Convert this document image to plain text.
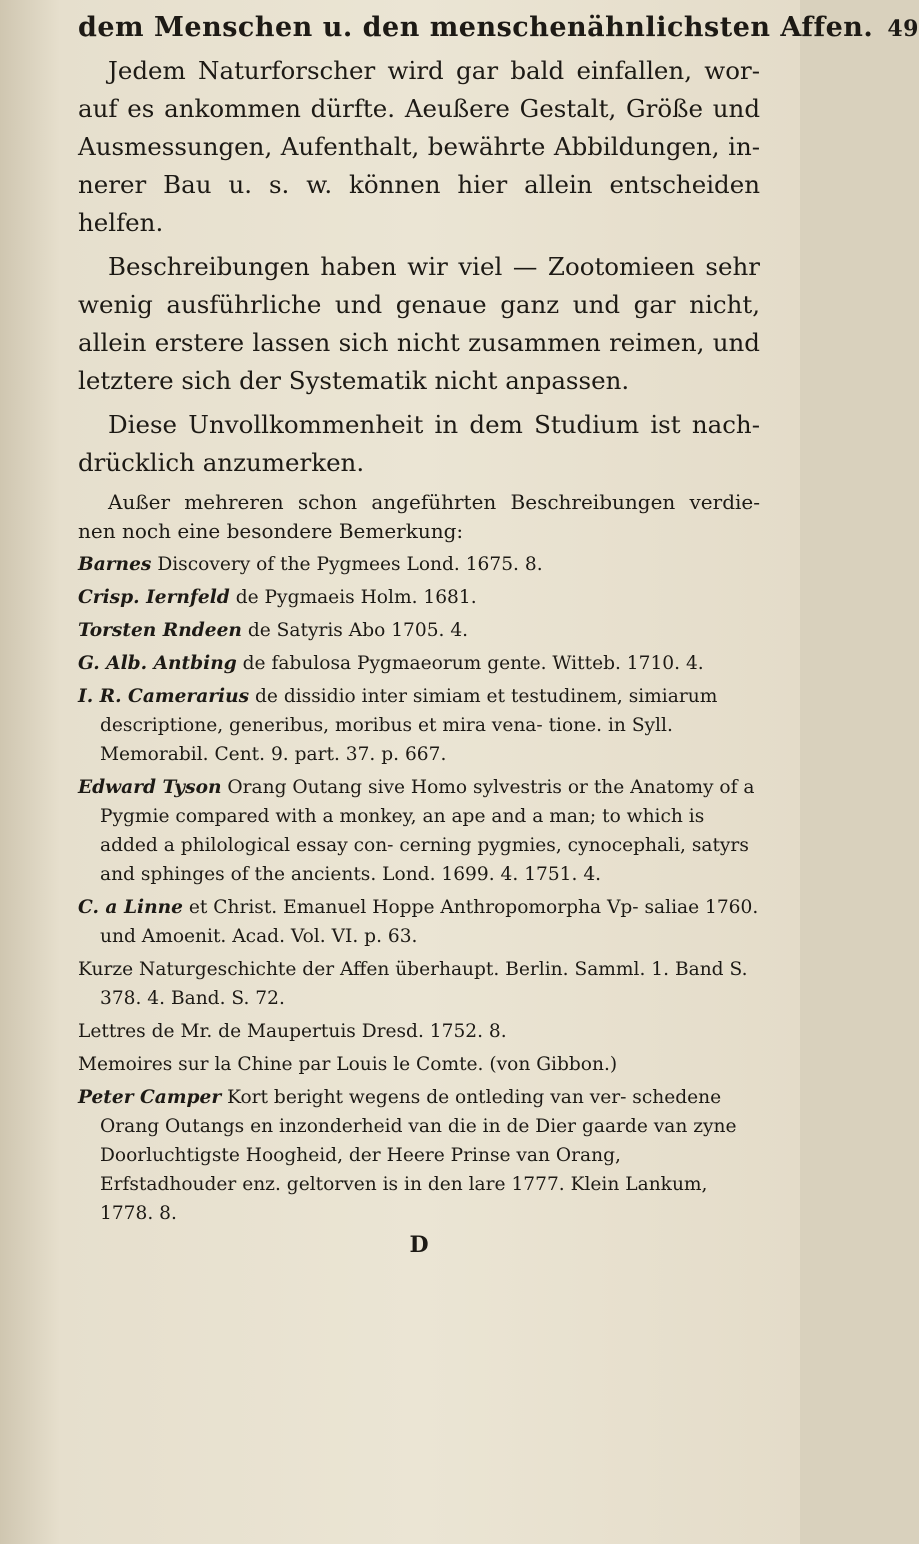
dem Menschen u. den menschenähnlichsten Affen. 49

Jedem Naturforscher wird gar bald einfallen, wor- auf es ankommen dürfte. Aeußere Gestalt, Größe und Ausmessungen, Aufenthalt, bewährte Abbildungen, in- nerer Bau u. s. w. können hier allein entscheiden helfen.

Beschreibungen haben wir viel — Zootomieen sehr wenig ausführliche und genaue ganz und gar nicht, allein erstere lassen sich nicht zusammen reimen, und letztere sich der Systematik nicht anpassen.

Diese Unvollkommenheit in dem Studium ist nach- drücklich anzumerken.

Außer mehreren schon angeführten Beschreibungen verdie- nen noch eine besondere Bemerkung:

Barnes Discovery of the Pygmees Lond. 1675. 8.

Crisp. Iernfeld de Pygmaeis Holm. 1681.

Torsten Rndeen de Satyris Abo 1705. 4.

G. Alb. Antbing de fabulosa Pygmaeorum gente. Witteb. 1710. 4.

I. R. Camerarius de dissidio inter simiam et testudinem, simiarum descriptione, generibus, moribus et mira vena- tione. in Syll. Memorabil. Cent. 9. part. 37. p. 667.

Edward Tyson Orang Outang sive Homo sylvestris or the Anatomy of a Pygmie compared with a monkey, an ape and a man; to which is added a philological essay con- cerning pygmies, cynocephali, satyrs and sphinges of the ancients. Lond. 1699. 4. 1751. 4.

C. a Linne et Christ. Emanuel Hoppe Anthropomorpha Vp- saliae 1760. und Amoenit. Acad. Vol. VI. p. 63.

Kurze Naturgeschichte der Affen überhaupt. Berlin. Samml. 1. Band S. 378. 4. Band. S. 72.

Lettres de Mr. de Maupertuis Dresd. 1752. 8.

Memoires sur la Chine par Louis le Comte. (von Gibbon.)

Peter Camper Kort beright wegens de ontleding van ver- schedene Orang Outangs en inzonderheid van die in de Dier gaarde van zyne Doorluchtigste Hoogheid, der Heere Prinse van Orang, Erfstadhouder enz. geltorven is in den lare 1777. Klein Lankum, 1778. 8.

D
